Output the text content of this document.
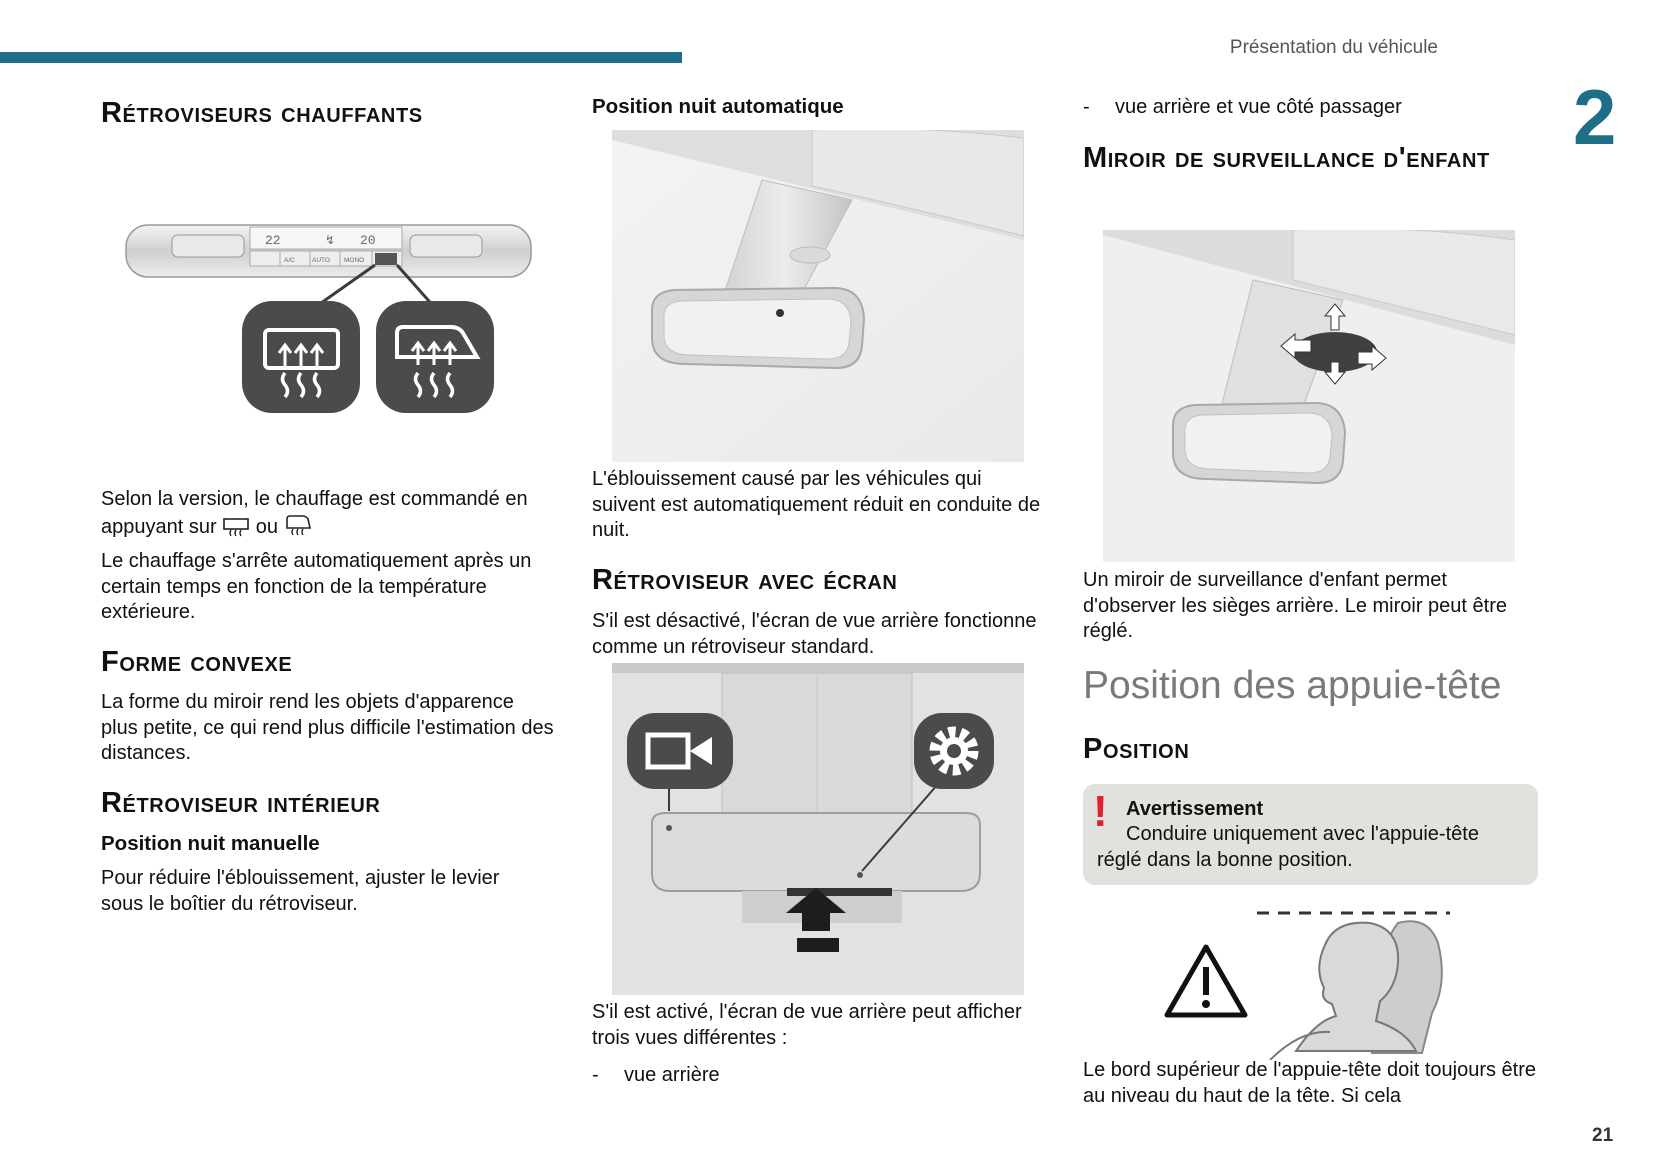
Présentation du véhicule
2
21
Rétroviseurs chauffants
22	↯ 20
A/C	AUTO MONO
Selon la version, le chauffage est commandé en
appuyant sur ou
Le chauffage s'arrête automatiquement après un certain temps en fonction de la température extérieure.
Forme convexe
La forme du miroir rend les objets d'apparence plus petite, ce qui rend plus difficile l'estimation des distances.
Rétroviseur intérieur
Position nuit manuelle
Pour réduire l'éblouissement, ajuster le levier sous le boîtier du rétroviseur.
Position nuit automatique
L'éblouissement causé par les véhicules qui suivent est automatiquement réduit en conduite de nuit.
Rétroviseur avec écran
S'il est désactivé, l'écran de vue arrière fonctionne comme un rétroviseur standard.
S'il est activé, l'écran de vue arrière peut afficher trois vues différentes :
- vue arrière
- vue arrière et vue côté passager
Miroir de surveillance d'enfant
Un miroir de surveillance d'enfant permet d'observer les sièges arrière. Le miroir peut être réglé.
Position des appuie-tête
Position
! Avertissement
Conduire uniquement avec l'appuie-tête réglé dans la bonne position.
Le bord supérieur de l'appuie-tête doit toujours être au niveau du haut de la tête. Si cela
